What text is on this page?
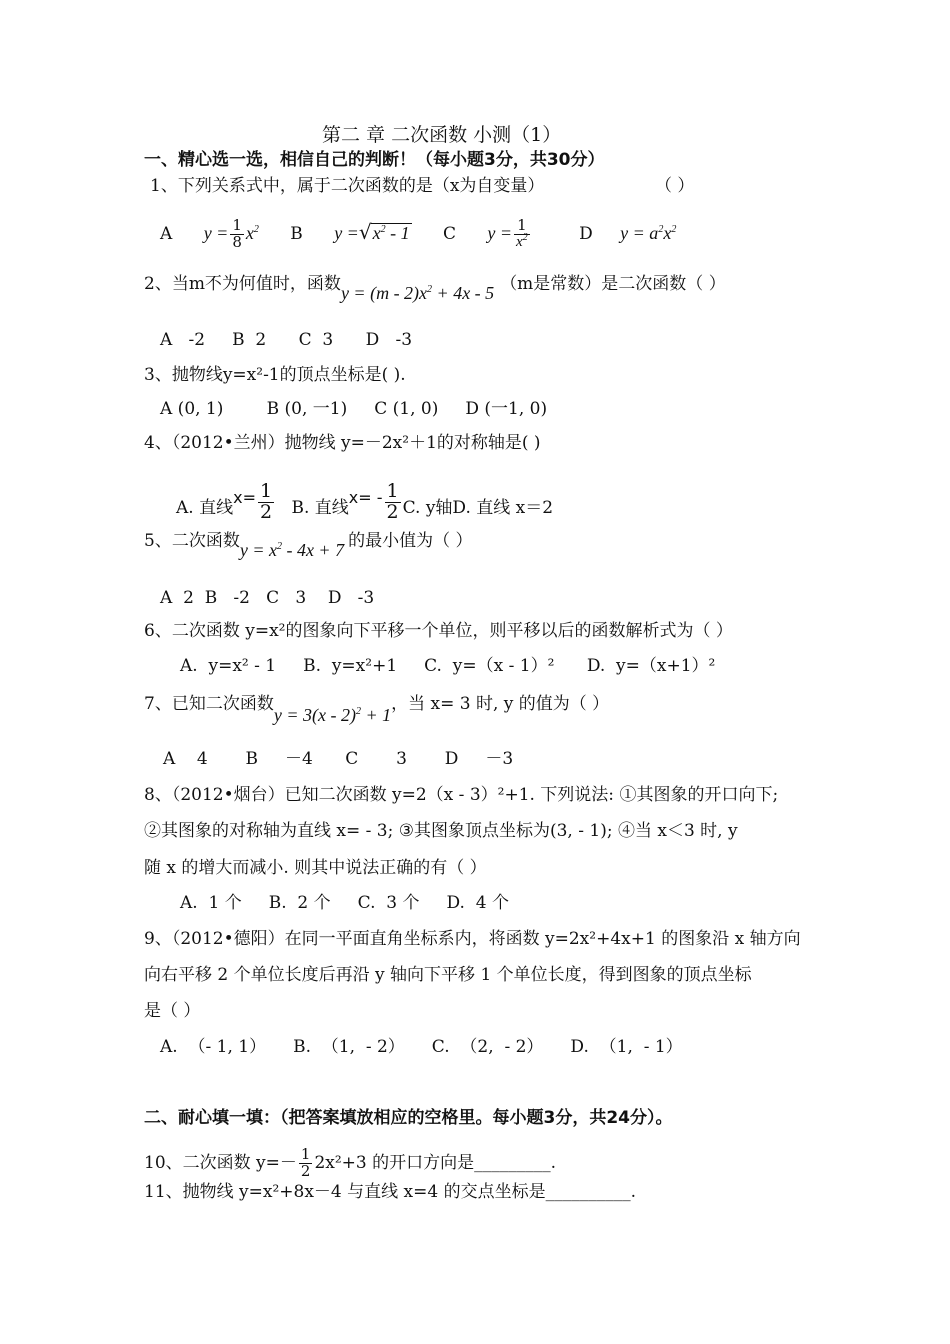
第二 章 二次函数 小测（1）
一、精心选一选，相信自己的判断！（每小题3分，共30分）
1、下列关系式中，属于二次函数的是（x为自变量）	（ ）
A $y = \frac{1}{8} x^2$ B $y =√x^2 - 1$ C $y = \frac{1}{x^2}$	D $y = a^2x^2$
2、当m不为何值时，函数$y = (m - 2)x^2 + 4x - 5$ （m是常数）是二次函数（ ）
A   -2     B  2      C  3      D   -3
3、抛物线y=x²-1的顶点坐标是( ).
A (0, 1)        B (0, 一1)     C (1, 0)     D (一1, 0)
4、（2012•兰州）抛物线 y=－2x²＋1的对称轴是( )
A. 直线$x= \frac{1}{2} B$. 直线$x= - \frac{1}{2} C$. y轴D. 直线 x＝2
5、二次函数$y = x^2 - 4x + 7$ 的最小值为（ ）
A  2  B   -2   C   3    D   -3
6、二次函数 y=x²的图象向下平移一个单位，则平移以后的函数解析式为（ ）
A.  y=x² - 1     B.  y=x²+1     C.  y=（x - 1）²      D.  y=（x+1）²
7、已知二次函数y = 3(x - 2)$^2$ + 1，当 x= 3 时, y 的值为（ ）
A    4       B     －4      C       3       D     －3
8、（2012•烟台）已知二次函数 y=2（x - 3）²+1. 下列说法: ①其图象的开口向下;
②其图象的对称轴为直线 x= - 3; ③其图象顶点坐标为(3, - 1); ④当 x＜3 时, y
随 x 的增大而减小. 则其中说法正确的有（ ）
A.  1 个     B.  2 个     C.  3 个     D.  4 个
9、（2012•德阳）在同一平面直角坐标系内，将函数 y=2x²+4x+1 的图象沿 x 轴方向
向右平移 2 个单位长度后再沿 y 轴向下平移 1 个单位长度，得到图象的顶点坐标
是（ ）
A.  （- 1, 1）     B.  （1,  - 2）     C.  （2,  - 2）     D.  （1,  - 1）
二、耐心填一填：（把答案填放相应的空格里。每小题3分，共24分）。
10、二次函数 $y=- \frac{1}{2} 2x^2+3$ 的开口方向是_________.
11、抛物线 y=x²+8x－4 与直线 x=4 的交点坐标是__________.
